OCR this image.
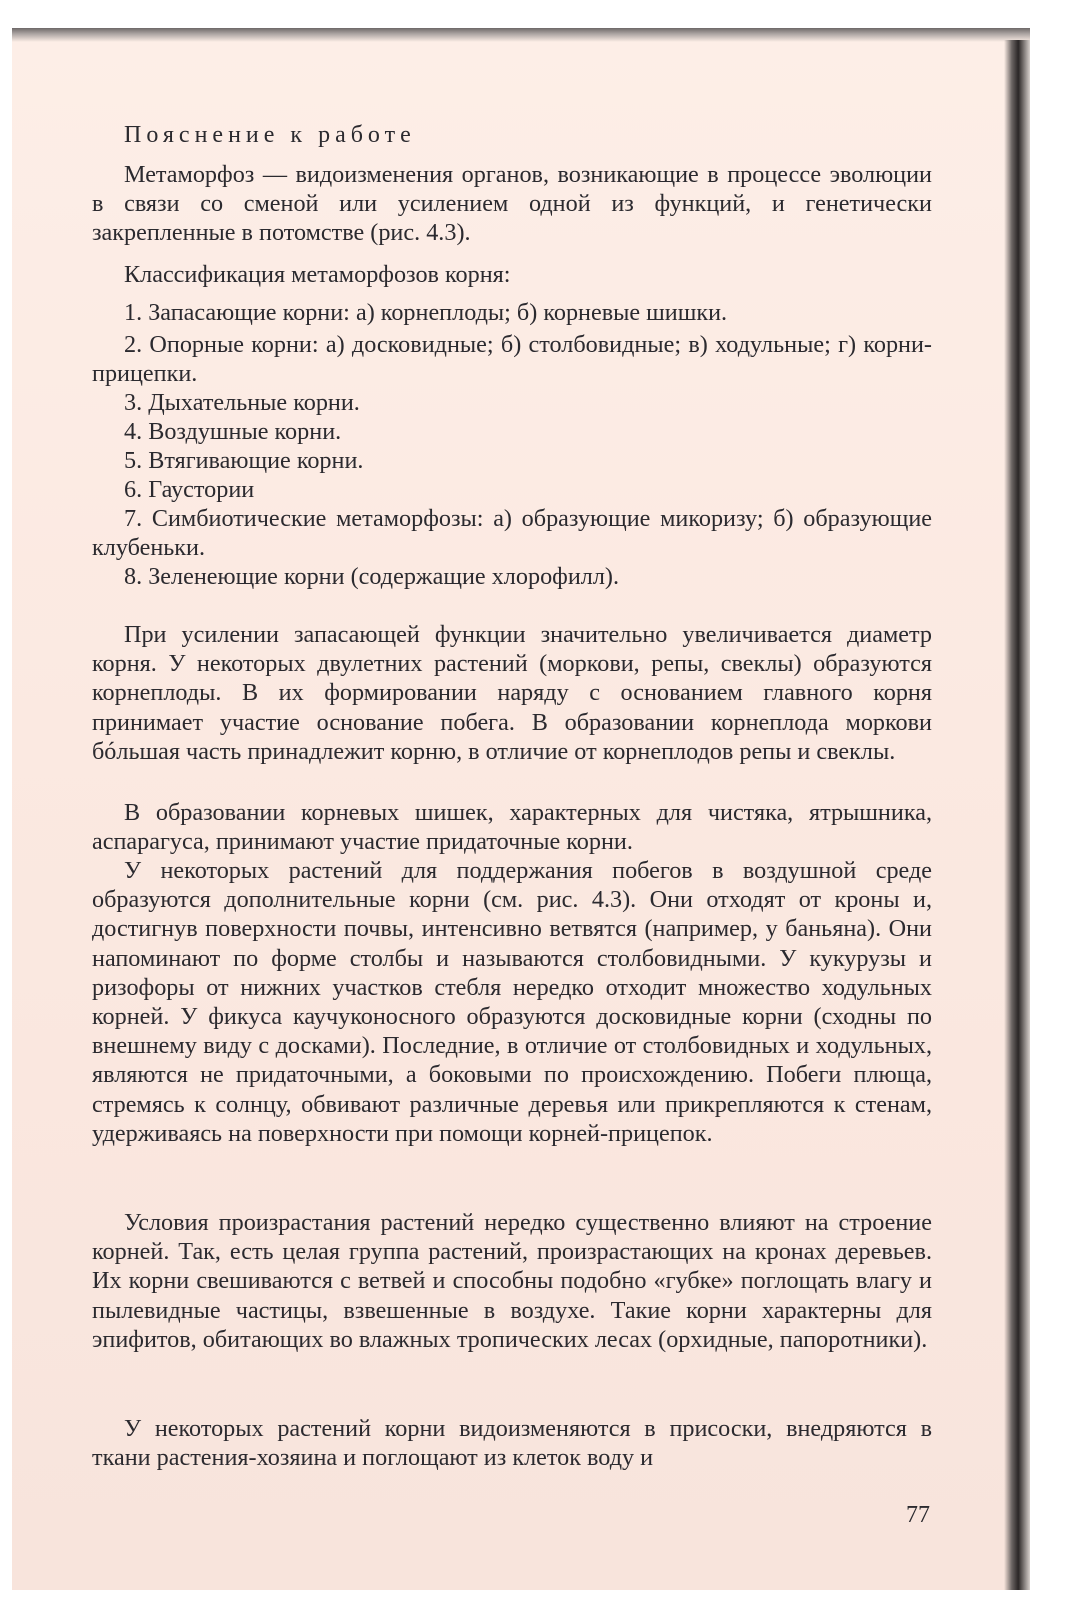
Пояснение к работе

Метаморфоз — видоизменения органов, возникающие в процессе эволюции в связи со сменой или усилением одной из функций, и генетически закрепленные в потомстве (рис. 4.3).

Классификация метаморфозов корня:

1. Запасающие корни: а) корнеплоды; б) корневые шишки.

2. Опорные корни: а) досковидные; б) столбовидные; в) ходульные; г) корни-прицепки.

3. Дыхательные корни.

4. Воздушные корни.

5. Втягивающие корни.

6. Гаустории

7. Симбиотические метаморфозы: а) образующие микоризу; б) образующие клубеньки.

8. Зеленеющие корни (содержащие хлорофилл).

При усилении запасающей функции значительно увеличивается диаметр корня. У некоторых двулетних растений (моркови, репы, свеклы) образуются корнеплоды. В их формировании наряду с основанием главного корня принимает участие основание побега. В образовании корнеплода моркови бóльшая часть принадлежит корню, в отличие от корнеплодов репы и свеклы.

В образовании корневых шишек, характерных для чистяка, ятрышника, аспарагуса, принимают участие придаточные корни.

У некоторых растений для поддержания побегов в воздушной среде образуются дополнительные корни (см. рис. 4.3). Они отходят от кроны и, достигнув поверхности почвы, интенсивно ветвятся (например, у баньяна). Они напоминают по форме столбы и называются столбовидными. У кукурузы и ризофоры от нижних участков стебля нередко отходит множество ходульных корней. У фикуса каучуконосного образуются досковидные корни (сходны по внешнему виду с досками). Последние, в отличие от столбовидных и ходульных, являются не придаточными, а боковыми по происхождению. Побеги плюща, стремясь к солнцу, обвивают различные деревья или прикрепляются к стенам, удерживаясь на поверхности при помощи корней-прицепок.

Условия произрастания растений нередко существенно влияют на строение корней. Так, есть целая группа растений, произрастающих на кронах деревьев. Их корни свешиваются с ветвей и способны подобно «губке» поглощать влагу и пылевидные частицы, взвешенные в воздухе. Такие корни характерны для эпифитов, обитающих во влажных тропических лесах (орхидные, папоротники).

У некоторых растений корни видоизменяются в присоски, внедряются в ткани растения-хозяина и поглощают из клеток воду и

77
